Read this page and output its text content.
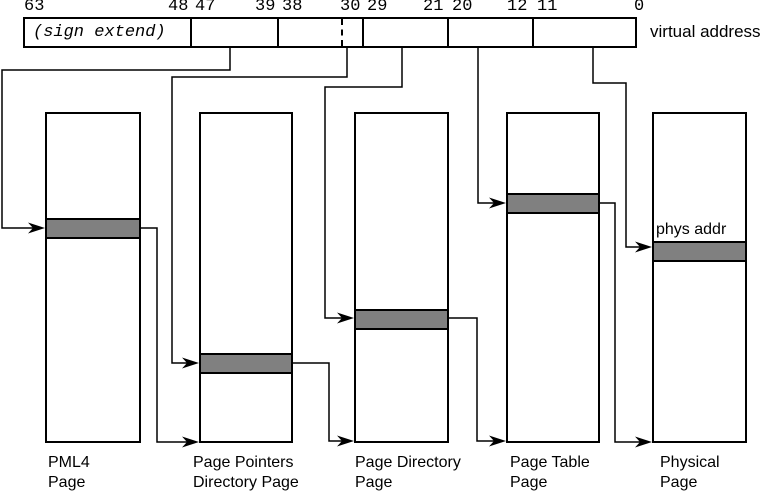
63	48 47 39 38 30 29 21 20 12 11	0
(sign extend)	virtual address
phys addr
PML4
Page
Page Pointers
Directory Page
Page Directory
Page
Page Table
Page
Physical
Page
